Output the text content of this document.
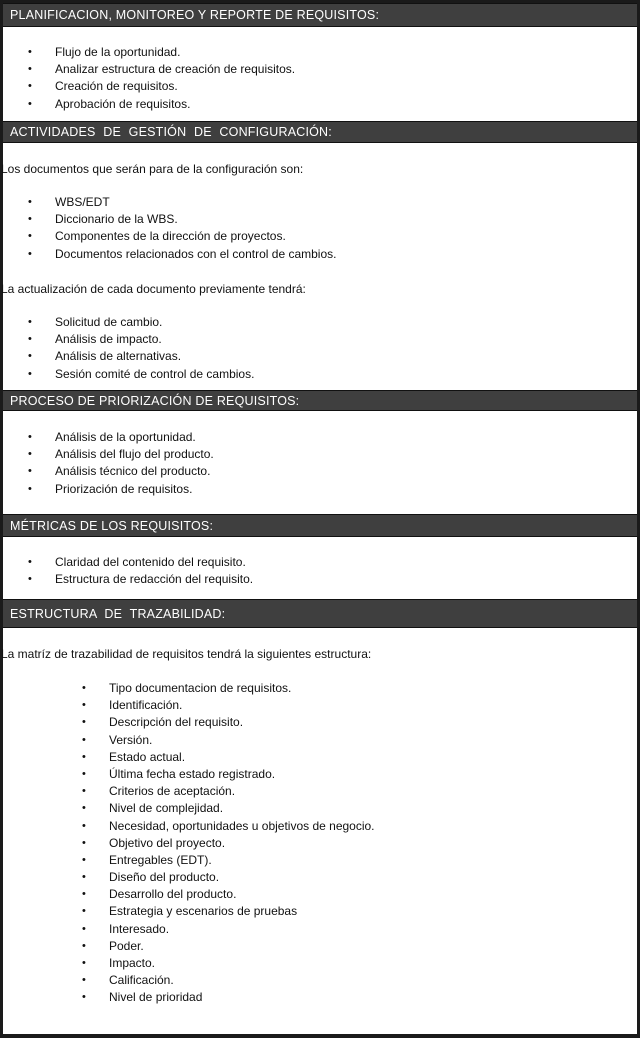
PLANIFICACION, MONITOREO Y REPORTE DE REQUISITOS:
• Flujo de la oportunidad.
• Analizar estructura de creación de requisitos.
• Creación de requisitos.
• Aprobación de requisitos.
ACTIVIDADES DE GESTIÓN DE CONFIGURACIÓN:
Los documentos que serán para de la configuración son:
• WBS/EDT
• Diccionario de la WBS.
• Componentes de la dirección de proyectos.
• Documentos relacionados con el control de cambios.
La actualización de cada documento previamente tendrá:
• Solicitud de cambio.
• Análisis de impacto.
• Análisis de alternativas.
• Sesión comité de control de cambios.
PROCESO DE PRIORIZACIÓN DE REQUISITOS:
• Análisis de la oportunidad.
• Análisis del flujo del producto.
• Análisis técnico del producto.
• Priorización de requisitos.
MÉTRICAS DE LOS REQUISITOS:
• Claridad del contenido del requisito.
• Estructura de redacción del requisito.
ESTRUCTURA DE TRAZABILIDAD:
La matríz de trazabilidad de requisitos tendrá la siguientes estructura:
• Tipo documentacion de requisitos.
• Identificación.
• Descripción del requisito.
• Versión.
• Estado actual.
• Última fecha estado registrado.
• Criterios de aceptación.
• Nivel de complejidad.
• Necesidad, oportunidades u objetivos de negocio.
• Objetivo del proyecto.
• Entregables (EDT).
• Diseño del producto.
• Desarrollo del producto.
• Estrategia y escenarios de pruebas
• Interesado.
• Poder.
• Impacto.
• Calificación.
• Nivel de prioridad
